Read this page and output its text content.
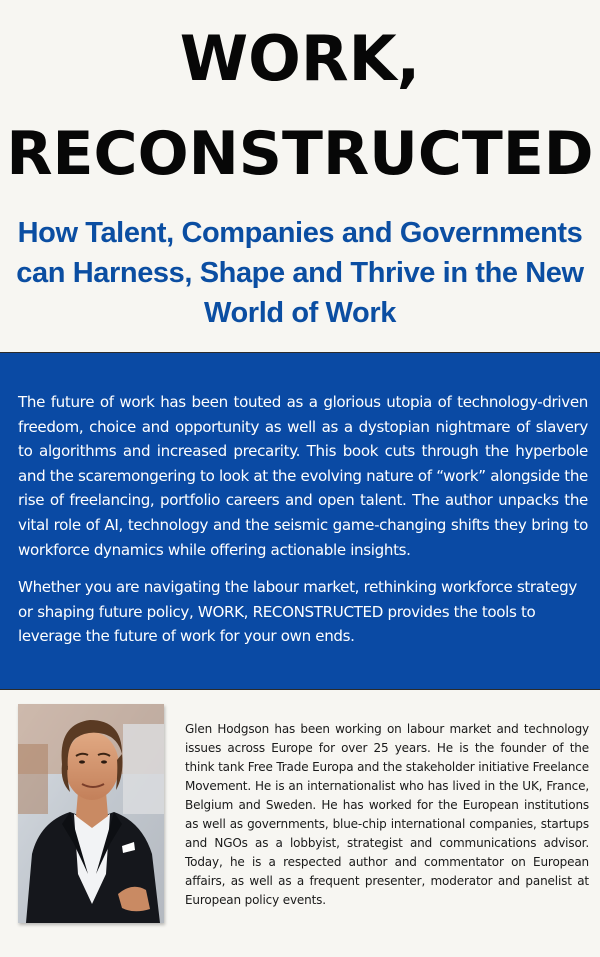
WORK,
RECONSTRUCTED
How Talent, Companies and Governments can Harness, Shape and Thrive in the New World of Work

The future of work has been touted as a glorious utopia of technology-driven freedom, choice and opportunity as well as a dystopian nightmare of slavery to algorithms and increased precarity. This book cuts through the hyperbole and the scaremongering to look at the evolving nature of “work” alongside the rise of freelancing, portfolio careers and open talent. The author unpacks the vital role of AI, technology and the seismic game-changing shifts they bring to workforce dynamics while offering actionable insights.

Whether you are navigating the labour market, rethinking workforce strategy or shaping future policy, WORK, RECONSTRUCTED provides the tools to leverage the future of work for your own ends.

Glen Hodgson has been working on labour market and technology issues across Europe for over 25 years. He is the founder of the think tank Free Trade Europa and the stakeholder initiative Freelance Movement. He is an internationalist who has lived in the UK, France, Belgium and Sweden. He has worked for the European institutions as well as governments, blue-chip international companies, startups and NGOs as a lobbyist, strategist and communications advisor. Today, he is a respected author and commentator on European affairs, as well as a frequent presenter, moderator and panelist at European policy events.
